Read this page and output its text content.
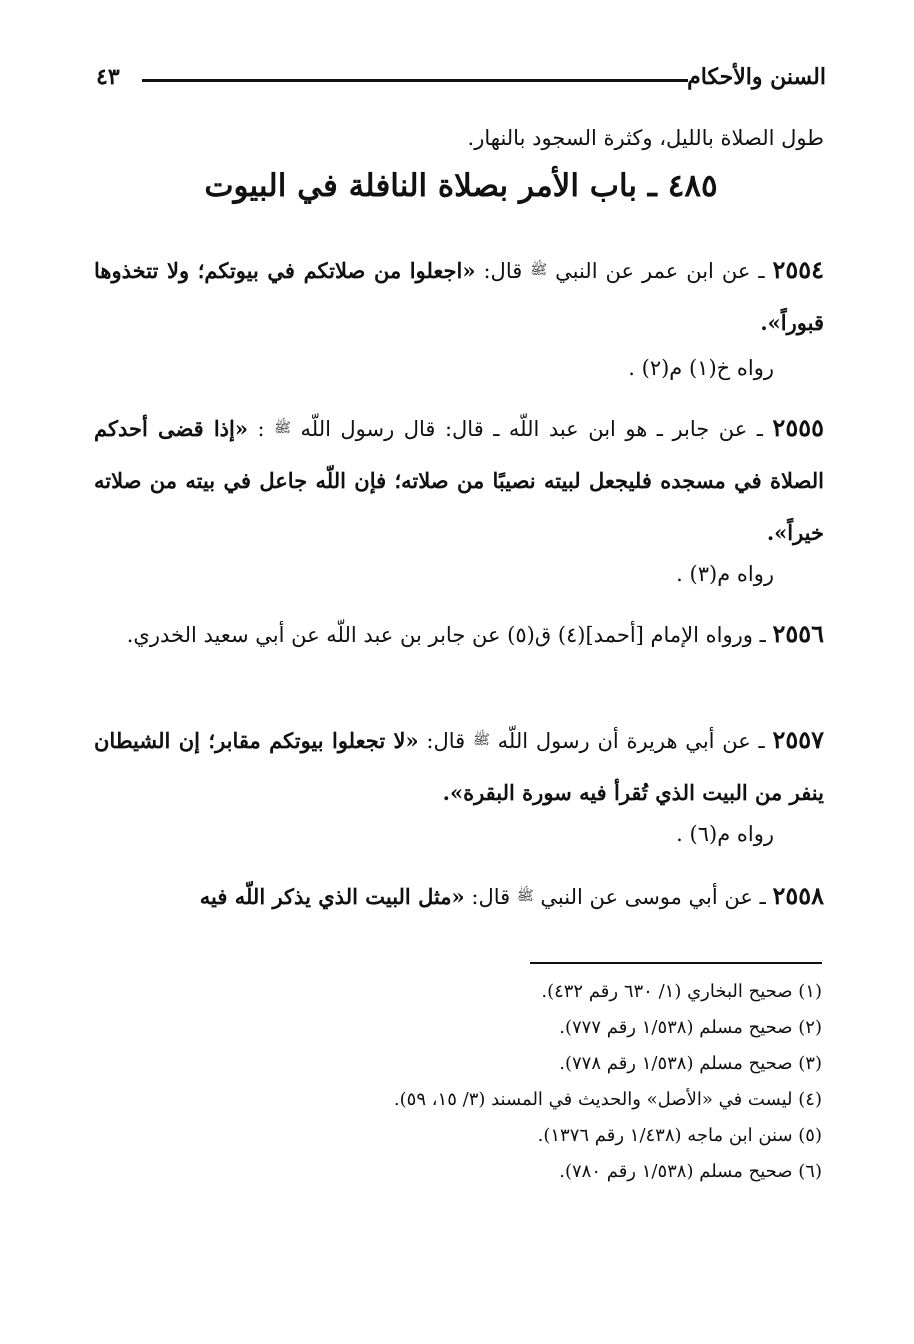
٤٣	السنن والأحكام
طول الصلاة بالليل، وكثرة السجود بالنهار.
٤٨٥ ـ باب الأمر بصلاة النافلة في البيوت
٢٥٥٤ ـ عن ابن عمر عن النبي ﷺ قال: «اجعلوا من صلاتكم في بيوتكم؛ ولا تتخذوها قبوراً».
رواه خ(١) م(٢) .
٢٥٥٥ ـ عن جابر ـ هو ابن عبد اللّه ـ قال: قال رسول اللّه ﷺ : «إذا قضى أحدكم الصلاة في مسجده فليجعل لبيته نصيبًا من صلاته؛ فإن اللّه جاعل في بيته من صلاته خيراً».
رواه م(٣) .
٢٥٥٦ ـ ورواه الإمام [أحمد](٤) ق(٥) عن جابر بن عبد اللّه عن أبي سعيد الخدري.
٢٥٥٧ ـ عن أبي هريرة أن رسول اللّه ﷺ قال: «لا تجعلوا بيوتكم مقابر؛ إن الشيطان ينفر من البيت الذي تُقرأ فيه سورة البقرة».
رواه م(٦) .
٢٥٥٨ ـ عن أبي موسى عن النبي ﷺ قال: «مثل البيت الذي يذكر اللّه فيه
(١) صحيح البخاري (١/ ٦٣٠ رقم ٤٣٢).
(٢) صحيح مسلم (١/٥٣٨ رقم ٧٧٧).
(٣) صحيح مسلم (١/٥٣٨ رقم ٧٧٨).
(٤) ليست في «الأصل» والحديث في المسند (٣/ ١٥، ٥٩).
(٥) سنن ابن ماجه (١/٤٣٨ رقم ١٣٧٦).
(٦) صحيح مسلم (١/٥٣٨ رقم ٧٨٠).
